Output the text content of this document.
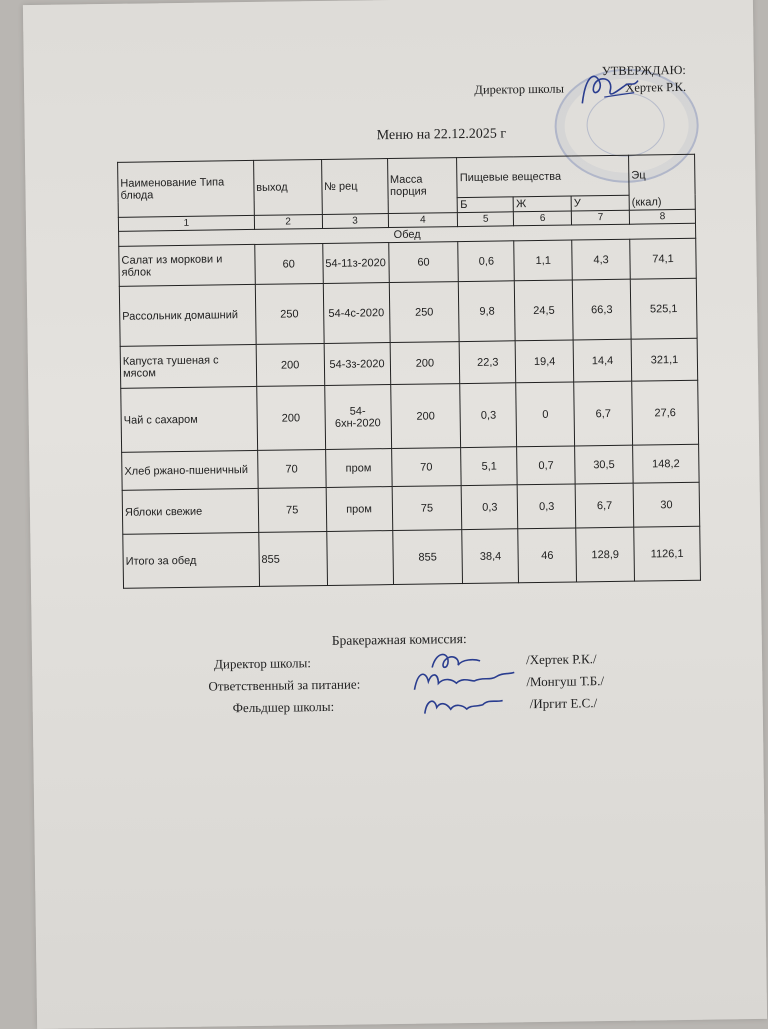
УТВЕРЖДАЮ:
Директор школы	Хертек Р.К.
Меню на 22.12.2025 г
Наименование Типа блюда	выход	№ рец	Масса порция	Пищевые вещества			Эц
				Б	Ж	У	(ккал)
1	2	3	4	5	6	7	8
Обед							
Салат из моркови и яблок	60	54-11з-2020	60	0,6	1,1	4,3	74,1
Рассольник домашний	250	54-4с-2020	250	9,8	24,5	66,3	525,1
Капуста тушеная с мясом	200	54-3з-2020	200	22,3	19,4	14,4	321,1
Чай с сахаром	200	54-6хн-2020	200	0,3	0	6,7	27,6
Хлеб ржано-пшеничный	70	пром	70	5,1	0,7	30,5	148,2
Яблоки свежие	75	пром	75	0,3	0,3	6,7	30
Итого за обед	855		855	38,4	46	128,9	1126,1
Бракеражная комиссия:
Директор школы:	/Хертек Р.К./
Ответственный за питание:	/Монгуш Т.Б./
Фельдшер школы:	/Иргит Е.С./
